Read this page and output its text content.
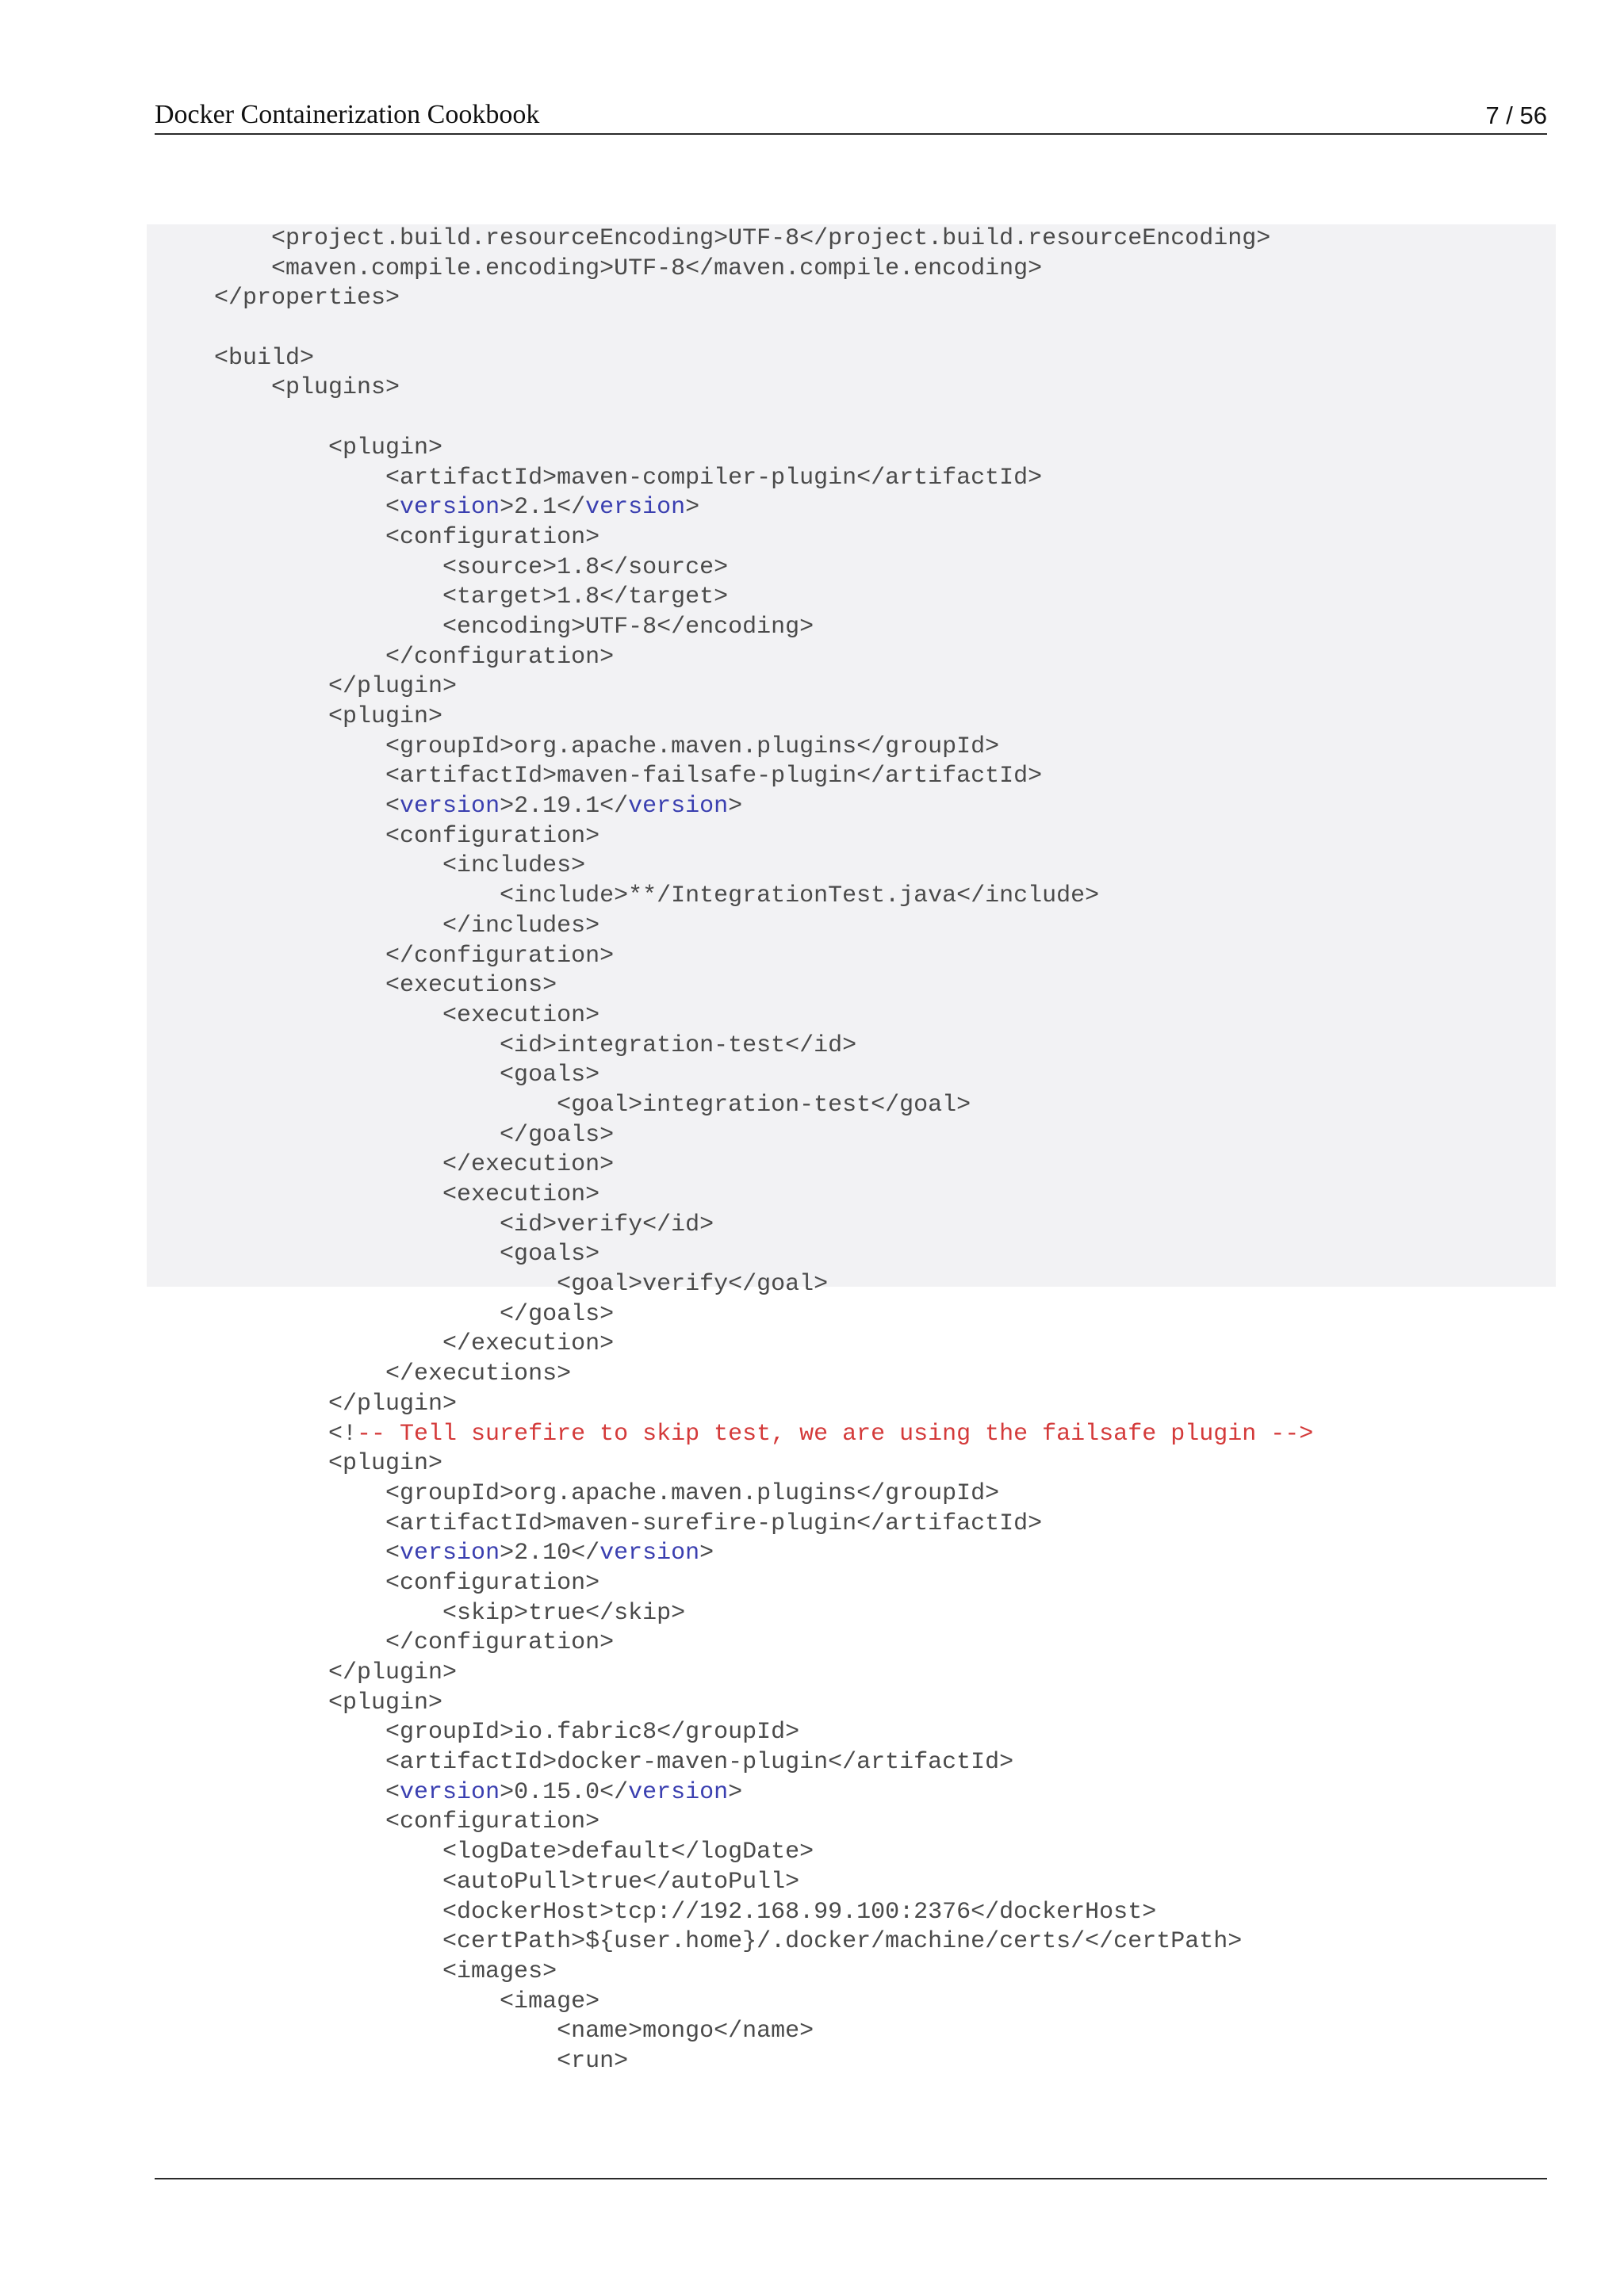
Docker Containerization Cookbook	7 / 56
<project.build.resourceEncoding>UTF-8</project.build.resourceEncoding>
<maven.compile.encoding>UTF-8</maven.compile.encoding>
</properties>
<build>
<plugins>
<plugin>
<artifactId>maven-compiler-plugin</artifactId>
<version>2.1</version>
<configuration>
<source>1.8</source>
<target>1.8</target>
<encoding>UTF-8</encoding>
</configuration>
</plugin>
<plugin>
<groupId>org.apache.maven.plugins</groupId>
<artifactId>maven-failsafe-plugin</artifactId>
<version>2.19.1</version>
<configuration>
<includes>
<include>**/IntegrationTest.java</include>
</includes>
</configuration>
<executions>
<execution>
<id>integration-test</id>
<goals>
<goal>integration-test</goal>
</goals>
</execution>
<execution>
<id>verify</id>
<goals>
<goal>verify</goal>
</goals>
</execution>
</executions>
</plugin>
<!-- Tell surefire to skip test, we are using the failsafe plugin -->
<plugin>
<groupId>org.apache.maven.plugins</groupId>
<artifactId>maven-surefire-plugin</artifactId>
<version>2.10</version>
<configuration>
<skip>true</skip>
</configuration>
</plugin>
<plugin>
<groupId>io.fabric8</groupId>
<artifactId>docker-maven-plugin</artifactId>
<version>0.15.0</version>
<configuration>
<logDate>default</logDate>
<autoPull>true</autoPull>
<dockerHost>tcp://192.168.99.100:2376</dockerHost>
<certPath>${user.home}/.docker/machine/certs/</certPath>
<images>
<image>
<name>mongo</name>
<run>
